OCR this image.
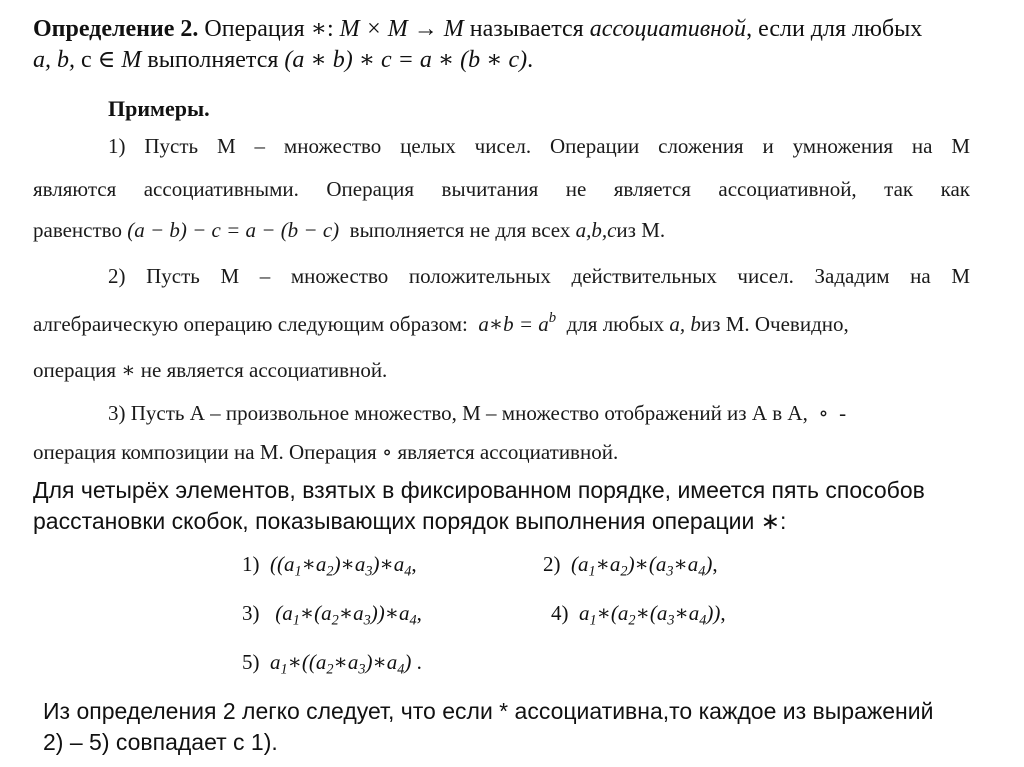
Определение 2. Операция ∗: M × M → M называется ассоциативной, если для любых
a, b, c ∈ M выполняется (a ∗ b) ∗ c = a ∗ (b ∗ c).
Примеры.
1) Пусть М – множество целых чисел. Операции сложения и умножения на М
являются ассоциативными. Операция вычитания не является ассоциативной, так как
равенство (a − b) − c = a − (b − c) выполняется не для всех a,b,cиз М.
2) Пусть М – множество положительных действительных чисел. Зададим на М
алгебраическую операцию следующим образом: a∗b = $a^b$ для любых a, bиз М. Очевидно,
операция ∗ не является ассоциативной.
3) Пусть А – произвольное множество, М – множество отображений из А в А, ∘ -
операция композиции на М. Операция ∘ является ассоциативной.
Для четырёх элементов, взятых в фиксированном порядке, имеется пять способов
расстановки скобок, показывающих порядок выполнения операции ∗:
1) $((a_1∗a_2)∗a_3)∗a_4$,	2) $(a_1∗a_2)∗(a_3∗a_4)$,
3) $(a_1∗(a_2∗a_3))∗a_4$,	4) $a_1∗(a_2∗(a_3∗a_4))$,
5) $a_1∗((a_2∗a_3)∗a_4)$ .
Из определения 2 легко следует, что если * ассоциативна,то каждое из выражений
2) – 5) совпадает с 1).
